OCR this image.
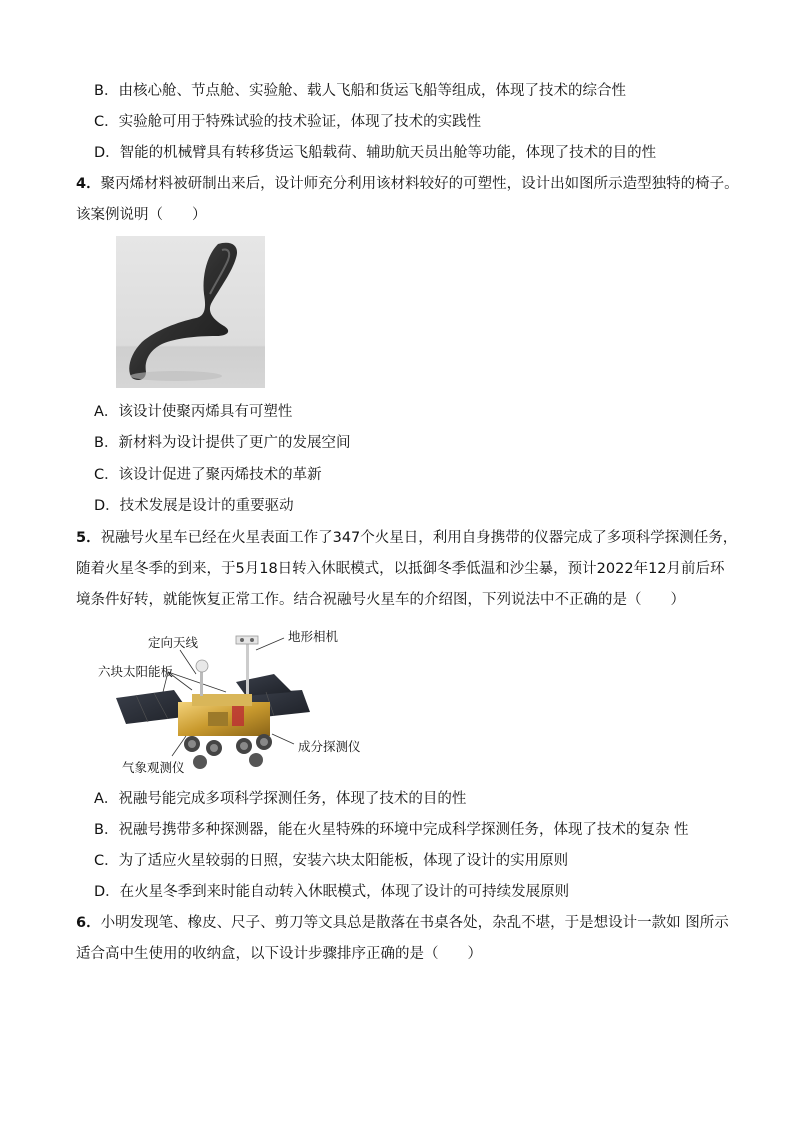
B．由核心舱、节点舱、实验舱、载人飞船和货运飞船等组成，体现了技术的综合性
C．实验舱可用于特殊试验的技术验证，体现了技术的实践性
D．智能的机械臂具有转移货运飞船载荷、辅助航天员出舱等功能，体现了技术的目的性
4．聚丙烯材料被研制出来后，设计师充分利用该材料较好的可塑性，设计出如图所示造型独特的椅子。
该案例说明（　　）
A．该设计使聚丙烯具有可塑性
B．新材料为设计提供了更广的发展空间
C．该设计促进了聚丙烯技术的革新
D．技术发展是设计的重要驱动
5．祝融号火星车已经在火星表面工作了347个火星日，利用自身携带的仪器完成了多项科学探测任务，
随着火星冬季的到来，于5月18日转入休眠模式，以抵御冬季低温和沙尘暴，预计2022年12月前后环
境条件好转，就能恢复正常工作。结合祝融号火星车的介绍图，下列说法中不正确的是（　　）
定向天线	地形相机
六块太阳能板
成分探测仪
气象观测仪
A．祝融号能完成多项科学探测任务，体现了技术的目的性
B．祝融号携带多种探测器，能在火星特殊的环境中完成科学探测任务，体现了技术的复杂 性
C．为了适应火星较弱的日照，安装六块太阳能板，体现了设计的实用原则
D．在火星冬季到来时能自动转入休眠模式，体现了设计的可持续发展原则
6．小明发现笔、橡皮、尺子、剪刀等文具总是散落在书桌各处，杂乱不堪，于是想设计一款如 图所示
适合高中生使用的收纳盒，以下设计步骤排序正确的是（　　）
